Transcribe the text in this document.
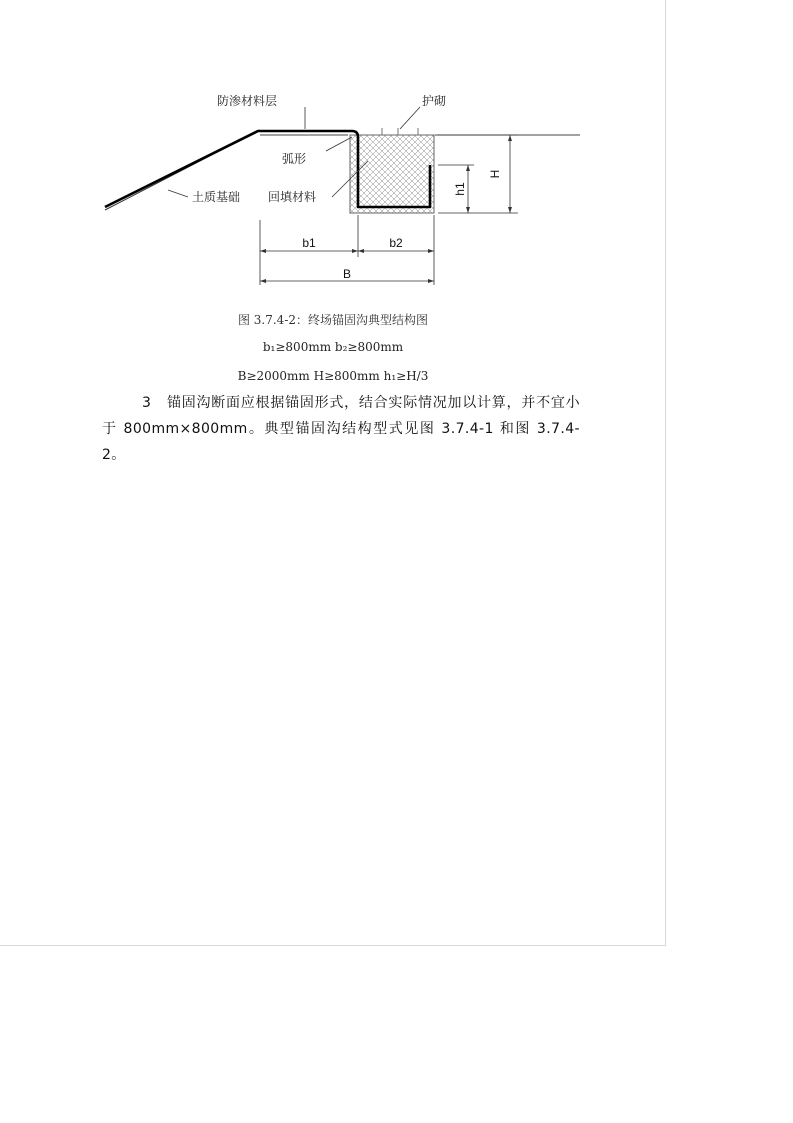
防渗材料层	护砌
弧形
土质基础 回填材料
h1
H
b1	b2
B
图 3.7.4-2：终场锚固沟典型结构图
b₁≥800mm b₂≥800mm
B≥2000mm H≥800mm h₁≥H/3
3 锚固沟断面应根据锚固形式，结合实际情况加以计算，并不宜小于 800mm×800mm。典型锚固沟结构型式见图 3.7.4-1 和图 3.7.4-2。
